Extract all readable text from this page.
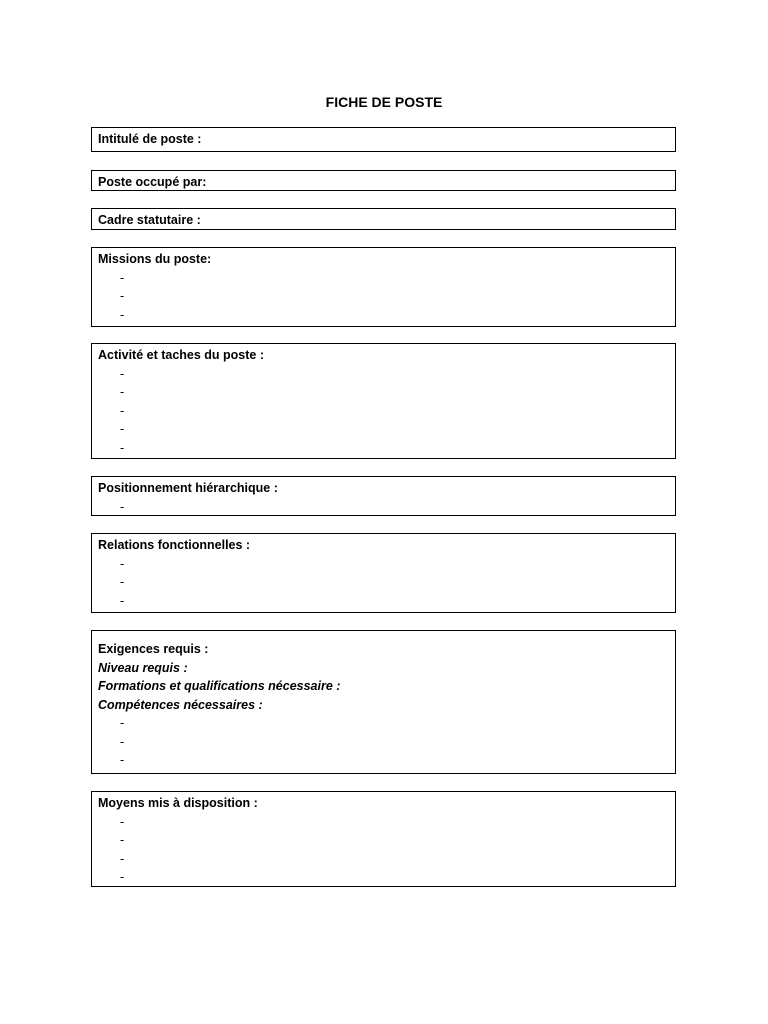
FICHE DE POSTE
Intitulé de poste :
Poste occupé par:
Cadre statutaire :
Missions du poste:
-
-
-
Activité et taches du poste :
-
-
-
-
-
Positionnement hiérarchique :
-
Relations fonctionnelles :
-
-
-
Exigences requis :
Niveau requis :
Formations et qualifications nécessaire :
Compétences nécessaires :
-
-
-
Moyens mis à disposition :
-
-
-
-
